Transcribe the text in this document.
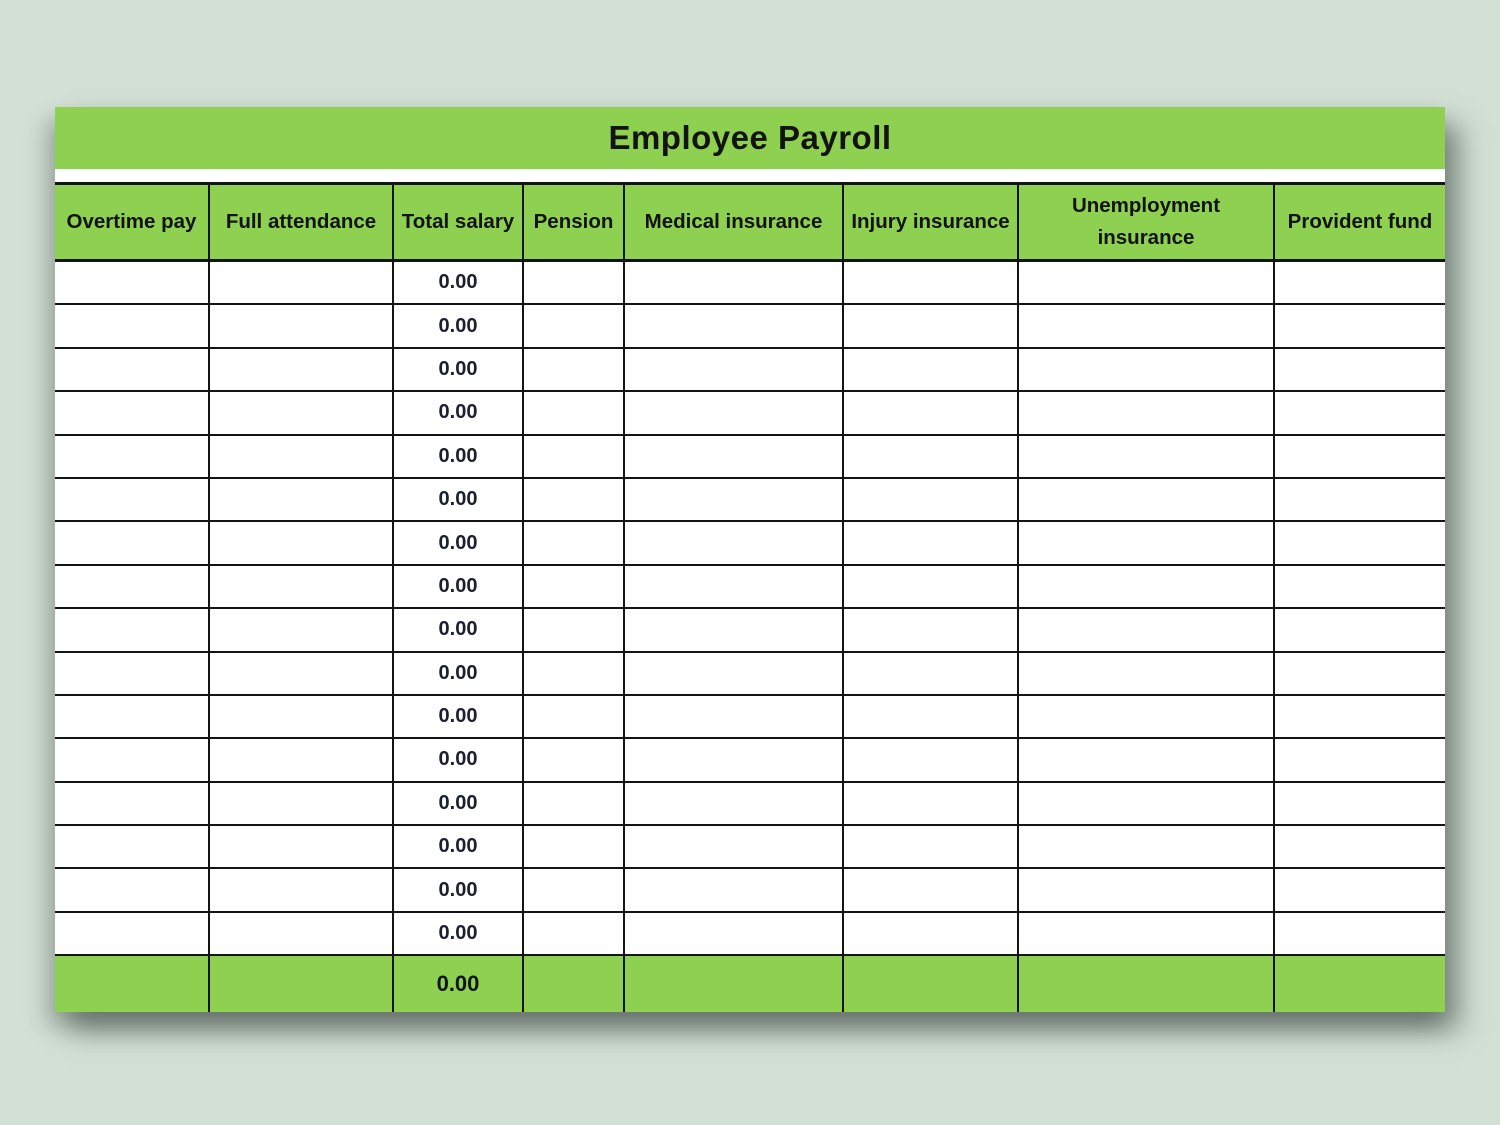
Employee Payroll
Overtime pay	Full attendance	Total salary	Pension	Medical insurance	Injury insurance	Unemployment insurance	Provident fund
		0.00					
		0.00					
		0.00					
		0.00					
		0.00					
		0.00					
		0.00					
		0.00					
		0.00					
		0.00					
		0.00					
		0.00					
		0.00					
		0.00					
		0.00					
		0.00					
		0.00					
